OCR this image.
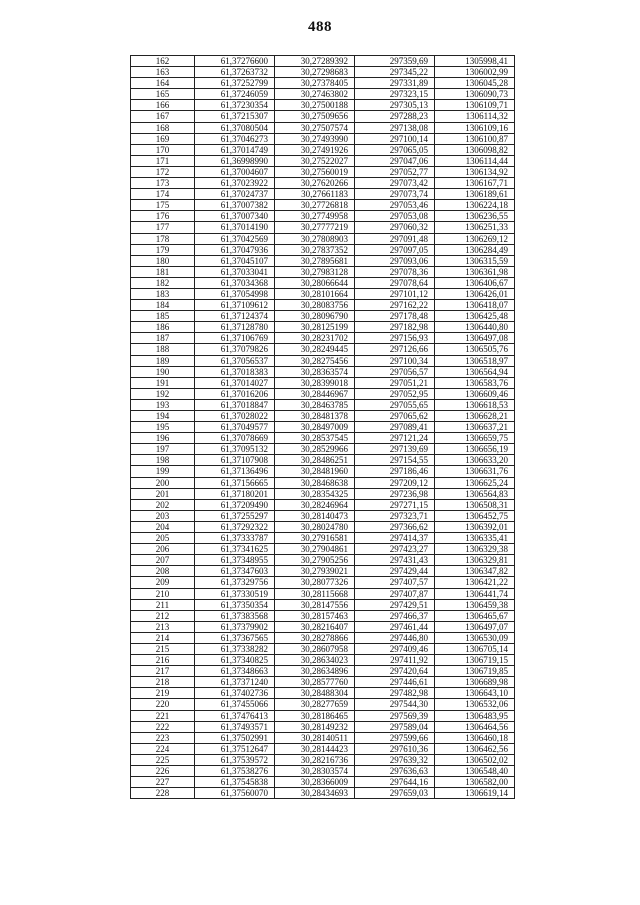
488
162	61,37276600	30,27289392	297359,69	1305998,41
163	61,37263732	30,27298683	297345,22	1306002,99
164	61,37252799	30,27378405	297331,89	1306045,28
165	61,37246059	30,27463802	297323,15	1306090,73
166	61,37230354	30,27500188	297305,13	1306109,71
167	61,37215307	30,27509656	297288,23	1306114,32
168	61,37080504	30,27507574	297138,08	1306109,16
169	61,37046273	30,27493990	297100,14	1306100,87
170	61,37014749	30,27491926	297065,05	1306098,82
171	61,36998990	30,27522027	297047,06	1306114,44
172	61,37004607	30,27560019	297052,77	1306134,92
173	61,37023922	30,27620266	297073,42	1306167,71
174	61,37024737	30,27661183	297073,74	1306189,61
175	61,37007382	30,27726818	297053,46	1306224,18
176	61,37007340	30,27749958	297053,08	1306236,55
177	61,37014190	30,27777219	297060,32	1306251,33
178	61,37042569	30,27808903	297091,48	1306269,12
179	61,37047936	30,27837352	297097,05	1306284,49
180	61,37045107	30,27895681	297093,06	1306315,59
181	61,37033041	30,27983128	297078,36	1306361,98
182	61,37034368	30,28066644	297078,64	1306406,67
183	61,37054998	30,28101664	297101,12	1306426,01
184	61,37109612	30,28083756	297162,22	1306418,07
185	61,37124374	30,28096790	297178,48	1306425,48
186	61,37128780	30,28125199	297182,98	1306440,80
187	61,37106769	30,28231702	297156,93	1306497,08
188	61,37079826	30,28249445	297126,66	1306505,76
189	61,37056537	30,28275456	297100,34	1306518,97
190	61,37018383	30,28363574	297056,57	1306564,94
191	61,37014027	30,28399018	297051,21	1306583,76
192	61,37016206	30,28446967	297052,95	1306609,46
193	61,37018847	30,28463785	297055,65	1306618,53
194	61,37028022	30,28481378	297065,62	1306628,21
195	61,37049577	30,28497009	297089,41	1306637,21
196	61,37078669	30,28537545	297121,24	1306659,75
197	61,37095132	30,28529966	297139,69	1306656,19
198	61,37107908	30,28486251	297154,55	1306633,20
199	61,37136496	30,28481960	297186,46	1306631,76
200	61,37156665	30,28468638	297209,12	1306625,24
201	61,37180201	30,28354325	297236,98	1306564,83
202	61,37209490	30,28246964	297271,15	1306508,31
203	61,37255297	30,28140473	297323,71	1306452,75
204	61,37292322	30,28024780	297366,62	1306392,01
205	61,37333787	30,27916581	297414,37	1306335,41
206	61,37341625	30,27904861	297423,27	1306329,38
207	61,37348955	30,27905256	297431,43	1306329,81
208	61,37347603	30,27939021	297429,44	1306347,82
209	61,37329756	30,28077326	297407,57	1306421,22
210	61,37330519	30,28115668	297407,87	1306441,74
211	61,37350354	30,28147556	297429,51	1306459,38
212	61,37383568	30,28157463	297466,37	1306465,67
213	61,37379902	30,28216407	297461,44	1306497,07
214	61,37367565	30,28278866	297446,80	1306530,09
215	61,37338282	30,28607958	297409,46	1306705,14
216	61,37340825	30,28634023	297411,92	1306719,15
217	61,37348663	30,28634896	297420,64	1306719,85
218	61,37371240	30,28577760	297446,61	1306689,98
219	61,37402736	30,28488304	297482,98	1306643,10
220	61,37455066	30,28277659	297544,30	1306532,06
221	61,37476413	30,28186465	297569,39	1306483,95
222	61,37493571	30,28149232	297589,04	1306464,56
223	61,37502991	30,28140511	297599,66	1306460,18
224	61,37512647	30,28144423	297610,36	1306462,56
225	61,37539572	30,28216736	297639,32	1306502,02
226	61,37538276	30,28303574	297636,63	1306548,40
227	61,37545838	30,28366009	297644,16	1306582,00
228	61,37560070	30,28434693	297659,03	1306619,14
